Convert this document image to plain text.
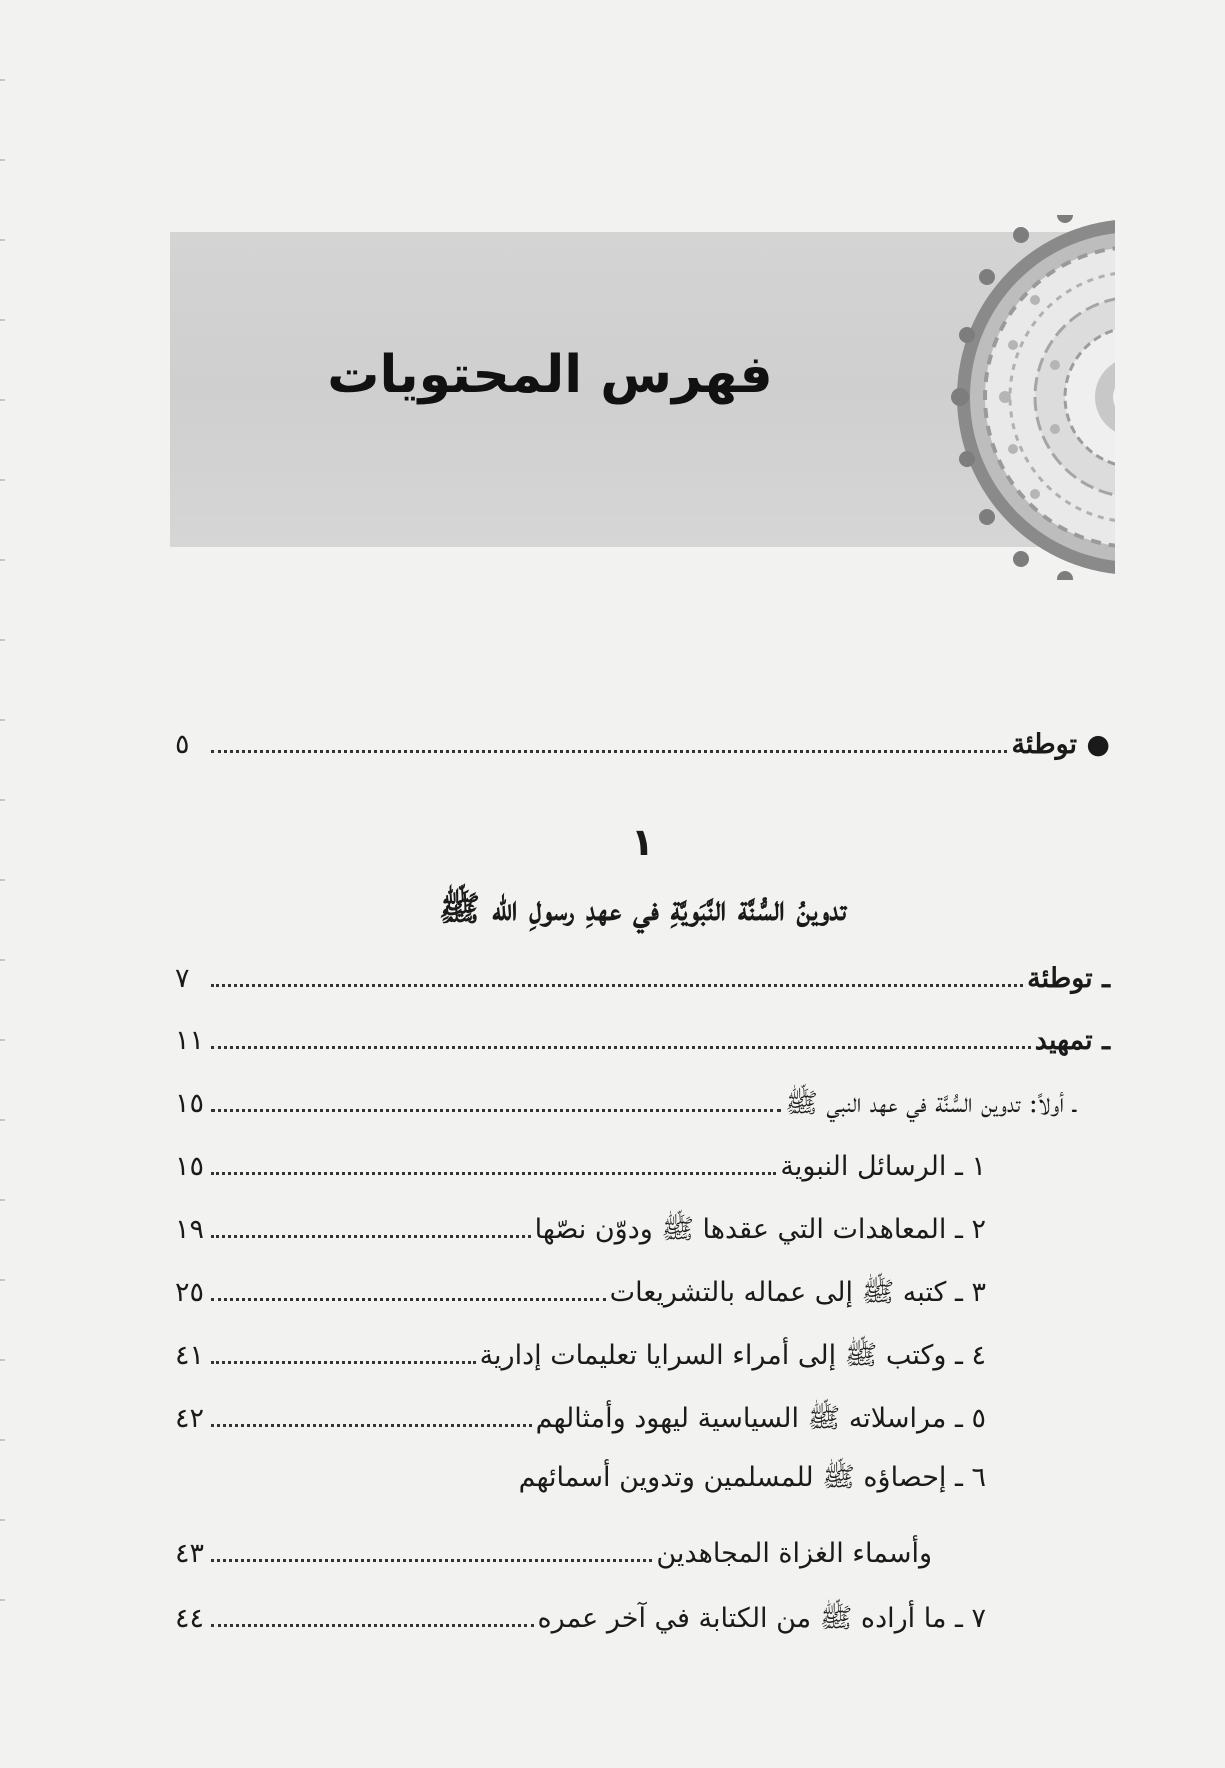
فهرس المحتويات
●
توطئة
٥
١
تدوينُ السُّنَّة النَّبَويَّةِ في عهدِ رسولِ الله ﷺ
ـ توطئة
٧
ـ تمهيد
١١
ـ أولاً: تدوين السُّنَّة في عهد النبي ﷺ
١٥
١ ـ الرسائل النبوية
١٥
٢ ـ المعاهدات التي عقدها ﷺ ودوّن نصّها
١٩
٣ ـ كتبه ﷺ إلى عماله بالتشريعات
٢٥
٤ ـ وكتب ﷺ إلى أمراء السرايا تعليمات إدارية
٤١
٥ ـ مراسلاته ﷺ السياسية ليهود وأمثالهم
٤٢
٦ ـ إحصاؤه ﷺ للمسلمين وتدوين أسمائهم
وأسماء الغزاة المجاهدين
٤٣
٧ ـ ما أراده ﷺ من الكتابة في آخر عمره
٤٤
